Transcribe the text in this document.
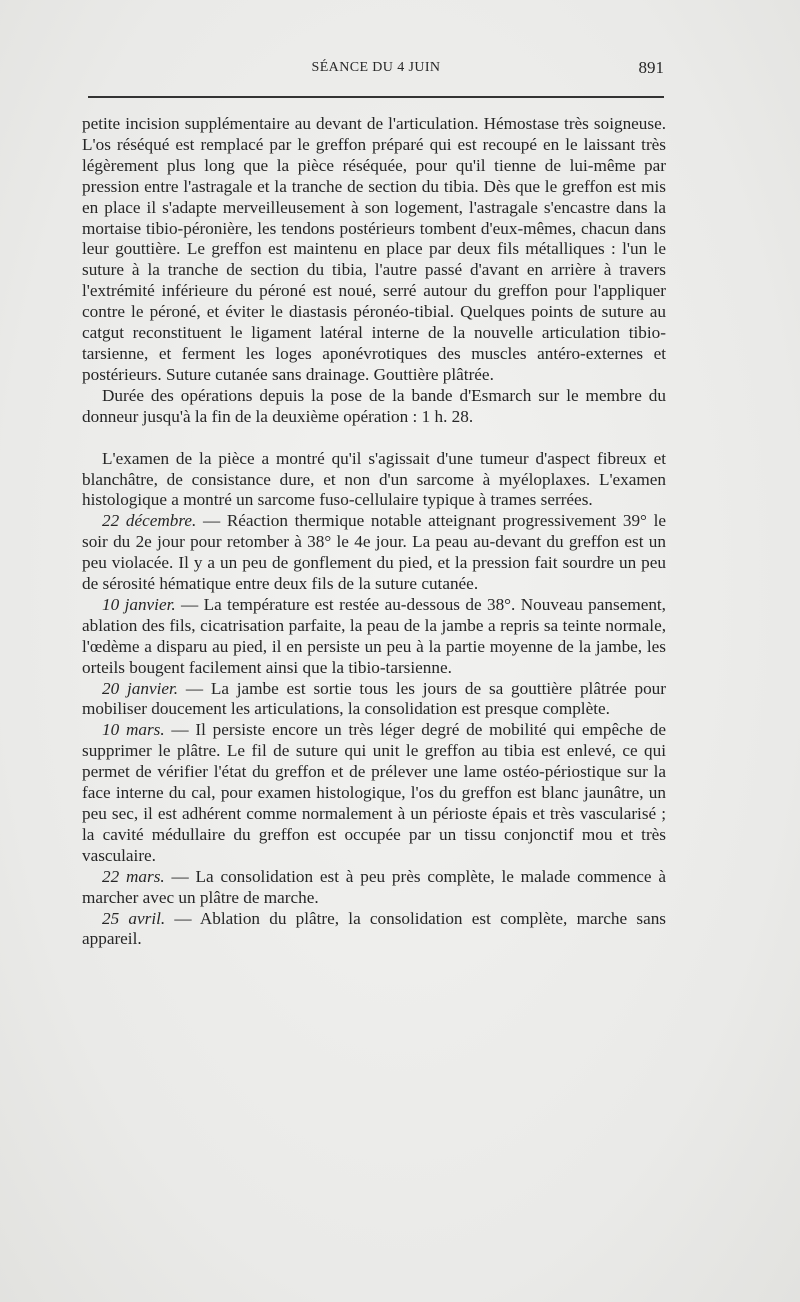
SÉANCE DU 4 JUIN	891

petite incision supplémentaire au devant de l'articulation. Hémostase très soigneuse. L'os réséqué est remplacé par le greffon préparé qui est recoupé en le laissant très légèrement plus long que la pièce réséquée, pour qu'il tienne de lui-même par pression entre l'astragale et la tranche de section du tibia. Dès que le greffon est mis en place il s'adapte merveilleusement à son logement, l'astragale s'encastre dans la mortaise tibio-péronière, les tendons postérieurs tombent d'eux-mêmes, chacun dans leur gouttière. Le greffon est maintenu en place par deux fils métalliques : l'un le suture à la tranche de section du tibia, l'autre passé d'avant en arrière à travers l'extrémité inférieure du péroné est noué, serré autour du greffon pour l'appliquer contre le péroné, et éviter le diastasis péronéo-tibial. Quelques points de suture au catgut reconstituent le ligament latéral interne de la nouvelle articulation tibio-tarsienne, et ferment les loges aponévrotiques des muscles antéro-externes et postérieurs. Suture cutanée sans drainage. Gouttière plâtrée.

Durée des opérations depuis la pose de la bande d'Esmarch sur le membre du donneur jusqu'à la fin de la deuxième opération : 1 h. 28.

L'examen de la pièce a montré qu'il s'agissait d'une tumeur d'aspect fibreux et blanchâtre, de consistance dure, et non d'un sarcome à myéloplaxes. L'examen histologique a montré un sarcome fuso-cellulaire typique à trames serrées.

22 décembre. — Réaction thermique notable atteignant progressivement 39° le soir du 2e jour pour retomber à 38° le 4e jour. La peau au-devant du greffon est un peu violacée. Il y a un peu de gonflement du pied, et la pression fait sourdre un peu de sérosité hématique entre deux fils de la suture cutanée.

10 janvier. — La température est restée au-dessous de 38°. Nouveau pansement, ablation des fils, cicatrisation parfaite, la peau de la jambe a repris sa teinte normale, l'œdème a disparu au pied, il en persiste un peu à la partie moyenne de la jambe, les orteils bougent facilement ainsi que la tibio-tarsienne.

20 janvier. — La jambe est sortie tous les jours de sa gouttière plâtrée pour mobiliser doucement les articulations, la consolidation est presque complète.

10 mars. — Il persiste encore un très léger degré de mobilité qui empêche de supprimer le plâtre. Le fil de suture qui unit le greffon au tibia est enlevé, ce qui permet de vérifier l'état du greffon et de prélever une lame ostéo-périostique sur la face interne du cal, pour examen histologique, l'os du greffon est blanc jaunâtre, un peu sec, il est adhérent comme normalement à un périoste épais et très vascularisé ; la cavité médullaire du greffon est occupée par un tissu conjonctif mou et très vasculaire.

22 mars. — La consolidation est à peu près complète, le malade commence à marcher avec un plâtre de marche.

25 avril. — Ablation du plâtre, la consolidation est complète, marche sans appareil.
